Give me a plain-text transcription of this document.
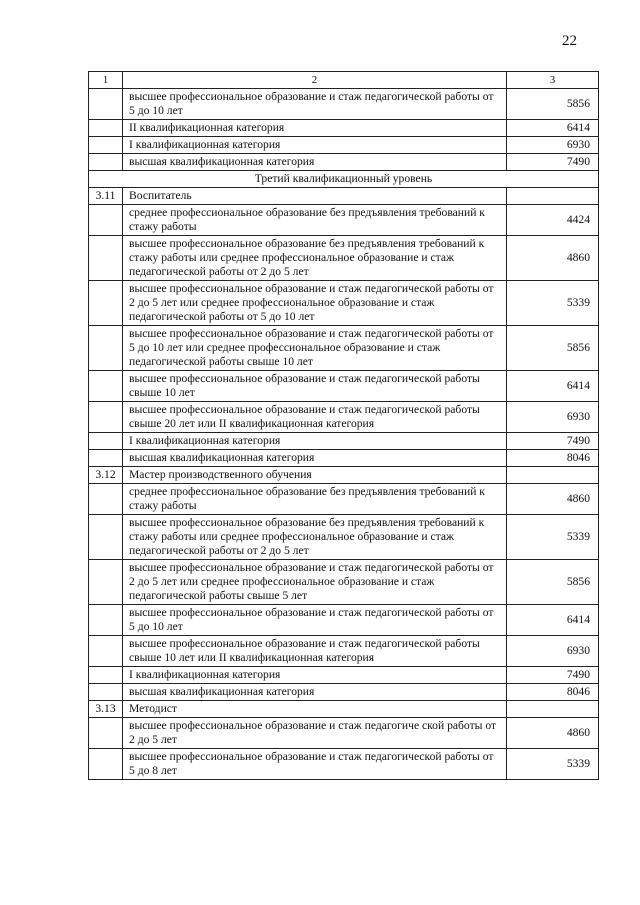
22
1	2	3
	высшее профессиональное образование и стаж педагогической работы от 5 до 10 лет	5856
	II квалификационная категория	6414
	I квалификационная категория	6930
	высшая квалификационная категория	7490
Третий квалификационный уровень		
3.11	Воспитатель	
	среднее профессиональное образование без предъявления требований к стажу работы	4424
	высшее профессиональное образование без предъявления требований к стажу работы или среднее профессиональное образование и стаж педагогической работы от 2 до 5 лет	4860
	высшее профессиональное образование и стаж педагогической работы от 2 до 5 лет или среднее профессиональное образование и стаж педагогической работы от 5 до 10 лет	5339
	высшее профессиональное образование и стаж педагогической работы от 5 до 10 лет или среднее профессиональное образование и стаж педагогической работы свыше 10 лет	5856
	высшее профессиональное образование и стаж педагогической работы свыше 10 лет	6414
	высшее профессиональное образование и стаж педагогической работы свыше 20 лет или II квалификационная категория	6930
	I квалификационная категория	7490
	высшая квалификационная категория	8046
3.12	Мастер производственного обучения	
	среднее профессиональное образование без предъявления требований к стажу работы	4860
	высшее профессиональное образование без предъявления требований к стажу работы или среднее профессиональное образование и стаж педагогической работы от 2 до 5 лет	5339
	высшее профессиональное образование и стаж педагогической работы от 2 до 5 лет или среднее профессиональное образование и стаж педагогической работы свыше 5 лет	5856
	высшее профессиональное образование и стаж педагогической работы от 5 до 10 лет	6414
	высшее профессиональное образование и стаж педагогической работы свыше 10 лет или II квалификационная категория	6930
	I квалификационная категория	7490
	высшая квалификационная категория	8046
3.13	Методист	
	высшее профессиональное образование и стаж педагогиче ской работы от 2 до 5 лет	4860
	высшее профессиональное образование и стаж педагогической работы от 5 до 8 лет	5339
